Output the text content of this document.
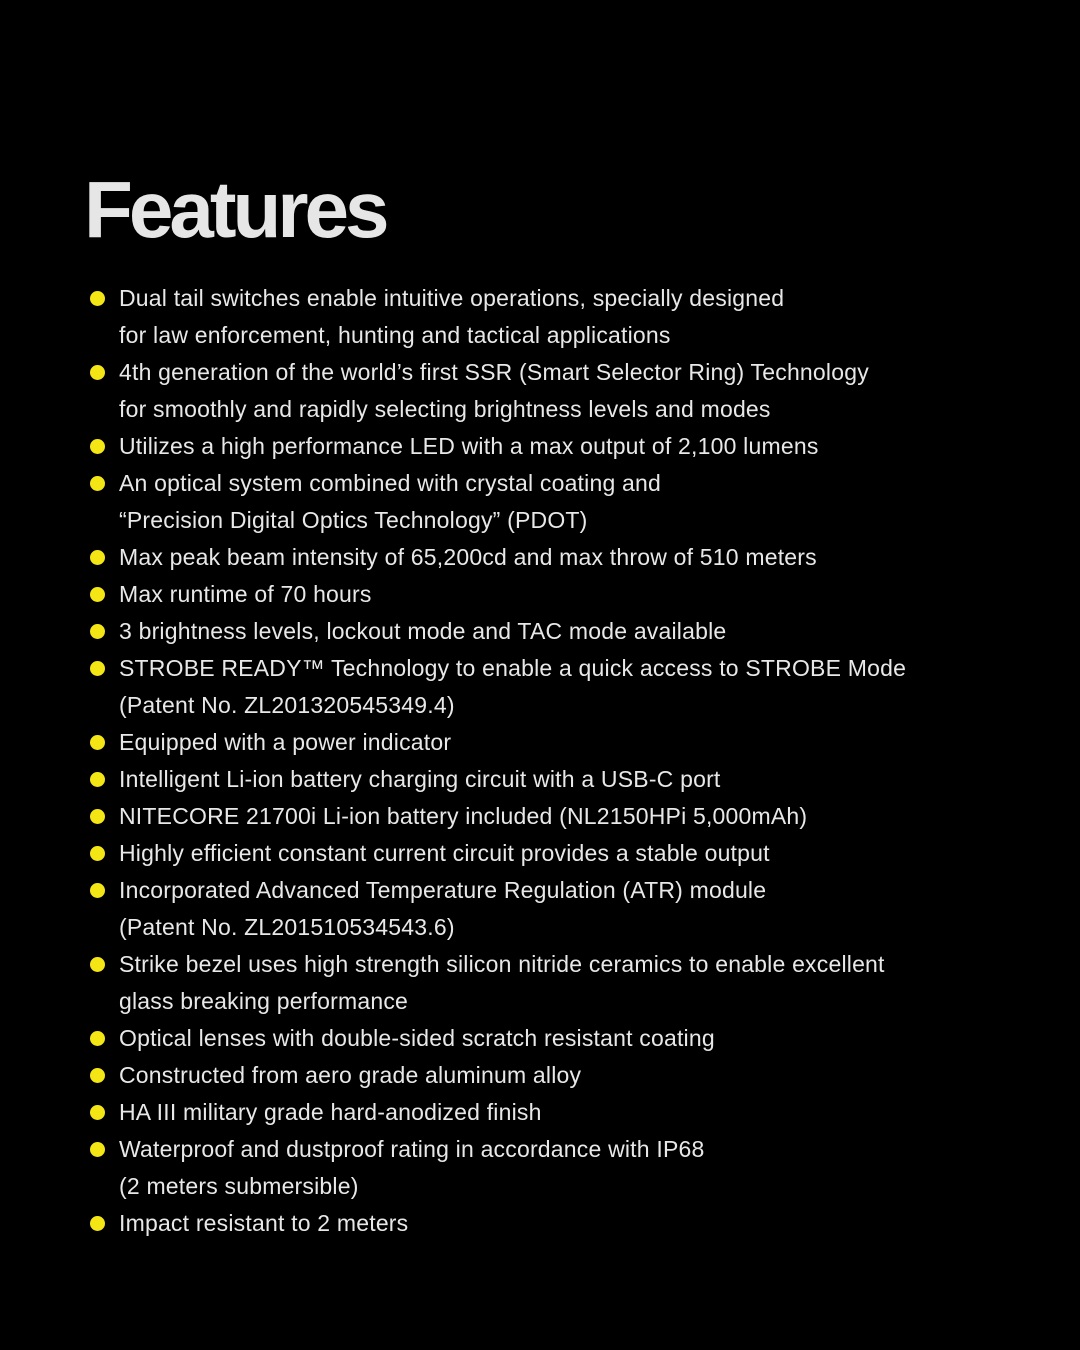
Features
Dual tail switches enable intuitive operations, specially designed
for law enforcement, hunting and tactical applications
4th generation of the world’s first SSR (Smart Selector Ring) Technology
for smoothly and rapidly selecting brightness levels and modes
Utilizes a high performance LED with a max output of 2,100 lumens
An optical system combined with crystal coating and
“Precision Digital Optics Technology” (PDOT)
Max peak beam intensity of 65,200cd and max throw of 510 meters
Max runtime of 70 hours
3 brightness levels, lockout mode and TAC mode available
STROBE READY™ Technology to enable a quick access to STROBE Mode
(Patent No. ZL201320545349.4)
Equipped with a power indicator
Intelligent Li-ion battery charging circuit with a USB-C port
NITECORE 21700i Li-ion battery included (NL2150HPi 5,000mAh)
Highly efficient constant current circuit provides a stable output
Incorporated Advanced Temperature Regulation (ATR) module
(Patent No. ZL201510534543.6)
Strike bezel uses high strength silicon nitride ceramics to enable excellent
glass breaking performance
Optical lenses with double-sided scratch resistant coating
Constructed from aero grade aluminum alloy
HA III military grade hard-anodized finish
Waterproof and dustproof rating in accordance with IP68
(2 meters submersible)
Impact resistant to 2 meters
